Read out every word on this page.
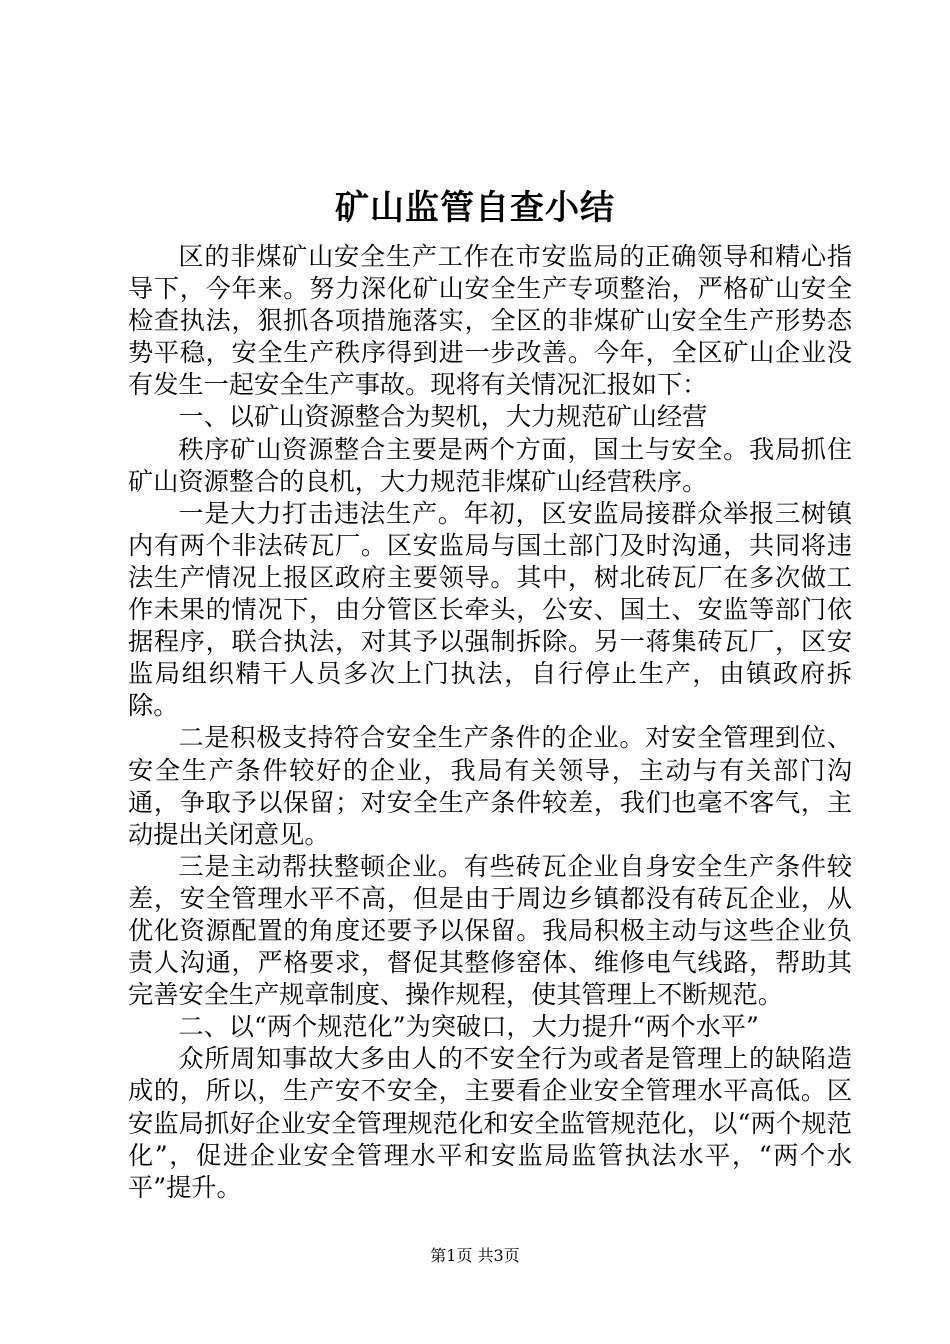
矿山监管自查小结

区的非煤矿山安全生产工作在市安监局的正确领导和精心指导下，今年来。努力深化矿山安全生产专项整治，严格矿山安全检查执法，狠抓各项措施落实，全区的非煤矿山安全生产形势态势平稳，安全生产秩序得到进一步改善。今年，全区矿山企业没有发生一起安全生产事故。现将有关情况汇报如下：

一、以矿山资源整合为契机，大力规范矿山经营

秩序矿山资源整合主要是两个方面，国土与安全。我局抓住矿山资源整合的良机，大力规范非煤矿山经营秩序。

一是大力打击违法生产。年初，区安监局接群众举报三树镇内有两个非法砖瓦厂。区安监局与国土部门及时沟通，共同将违法生产情况上报区政府主要领导。其中，树北砖瓦厂在多次做工作未果的情况下，由分管区长牵头，公安、国土、安监等部门依据程序，联合执法，对其予以强制拆除。另一蒋集砖瓦厂，区安监局组织精干人员多次上门执法，自行停止生产，由镇政府拆除。

二是积极支持符合安全生产条件的企业。对安全管理到位、安全生产条件较好的企业，我局有关领导，主动与有关部门沟通，争取予以保留；对安全生产条件较差，我们也毫不客气，主动提出关闭意见。

三是主动帮扶整顿企业。有些砖瓦企业自身安全生产条件较差，安全管理水平不高，但是由于周边乡镇都没有砖瓦企业，从优化资源配置的角度还要予以保留。我局积极主动与这些企业负责人沟通，严格要求，督促其整修窑体、维修电气线路，帮助其完善安全生产规章制度、操作规程，使其管理上不断规范。

二、以“两个规范化”为突破口，大力提升“两个水平”

众所周知事故大多由人的不安全行为或者是管理上的缺陷造成的，所以，生产安不安全，主要看企业安全管理水平高低。区安监局抓好企业安全管理规范化和安全监管规范化，以“两个规范化”，促进企业安全管理水平和安监局监管执法水平，“两个水平”提升。

第1页 共3页
